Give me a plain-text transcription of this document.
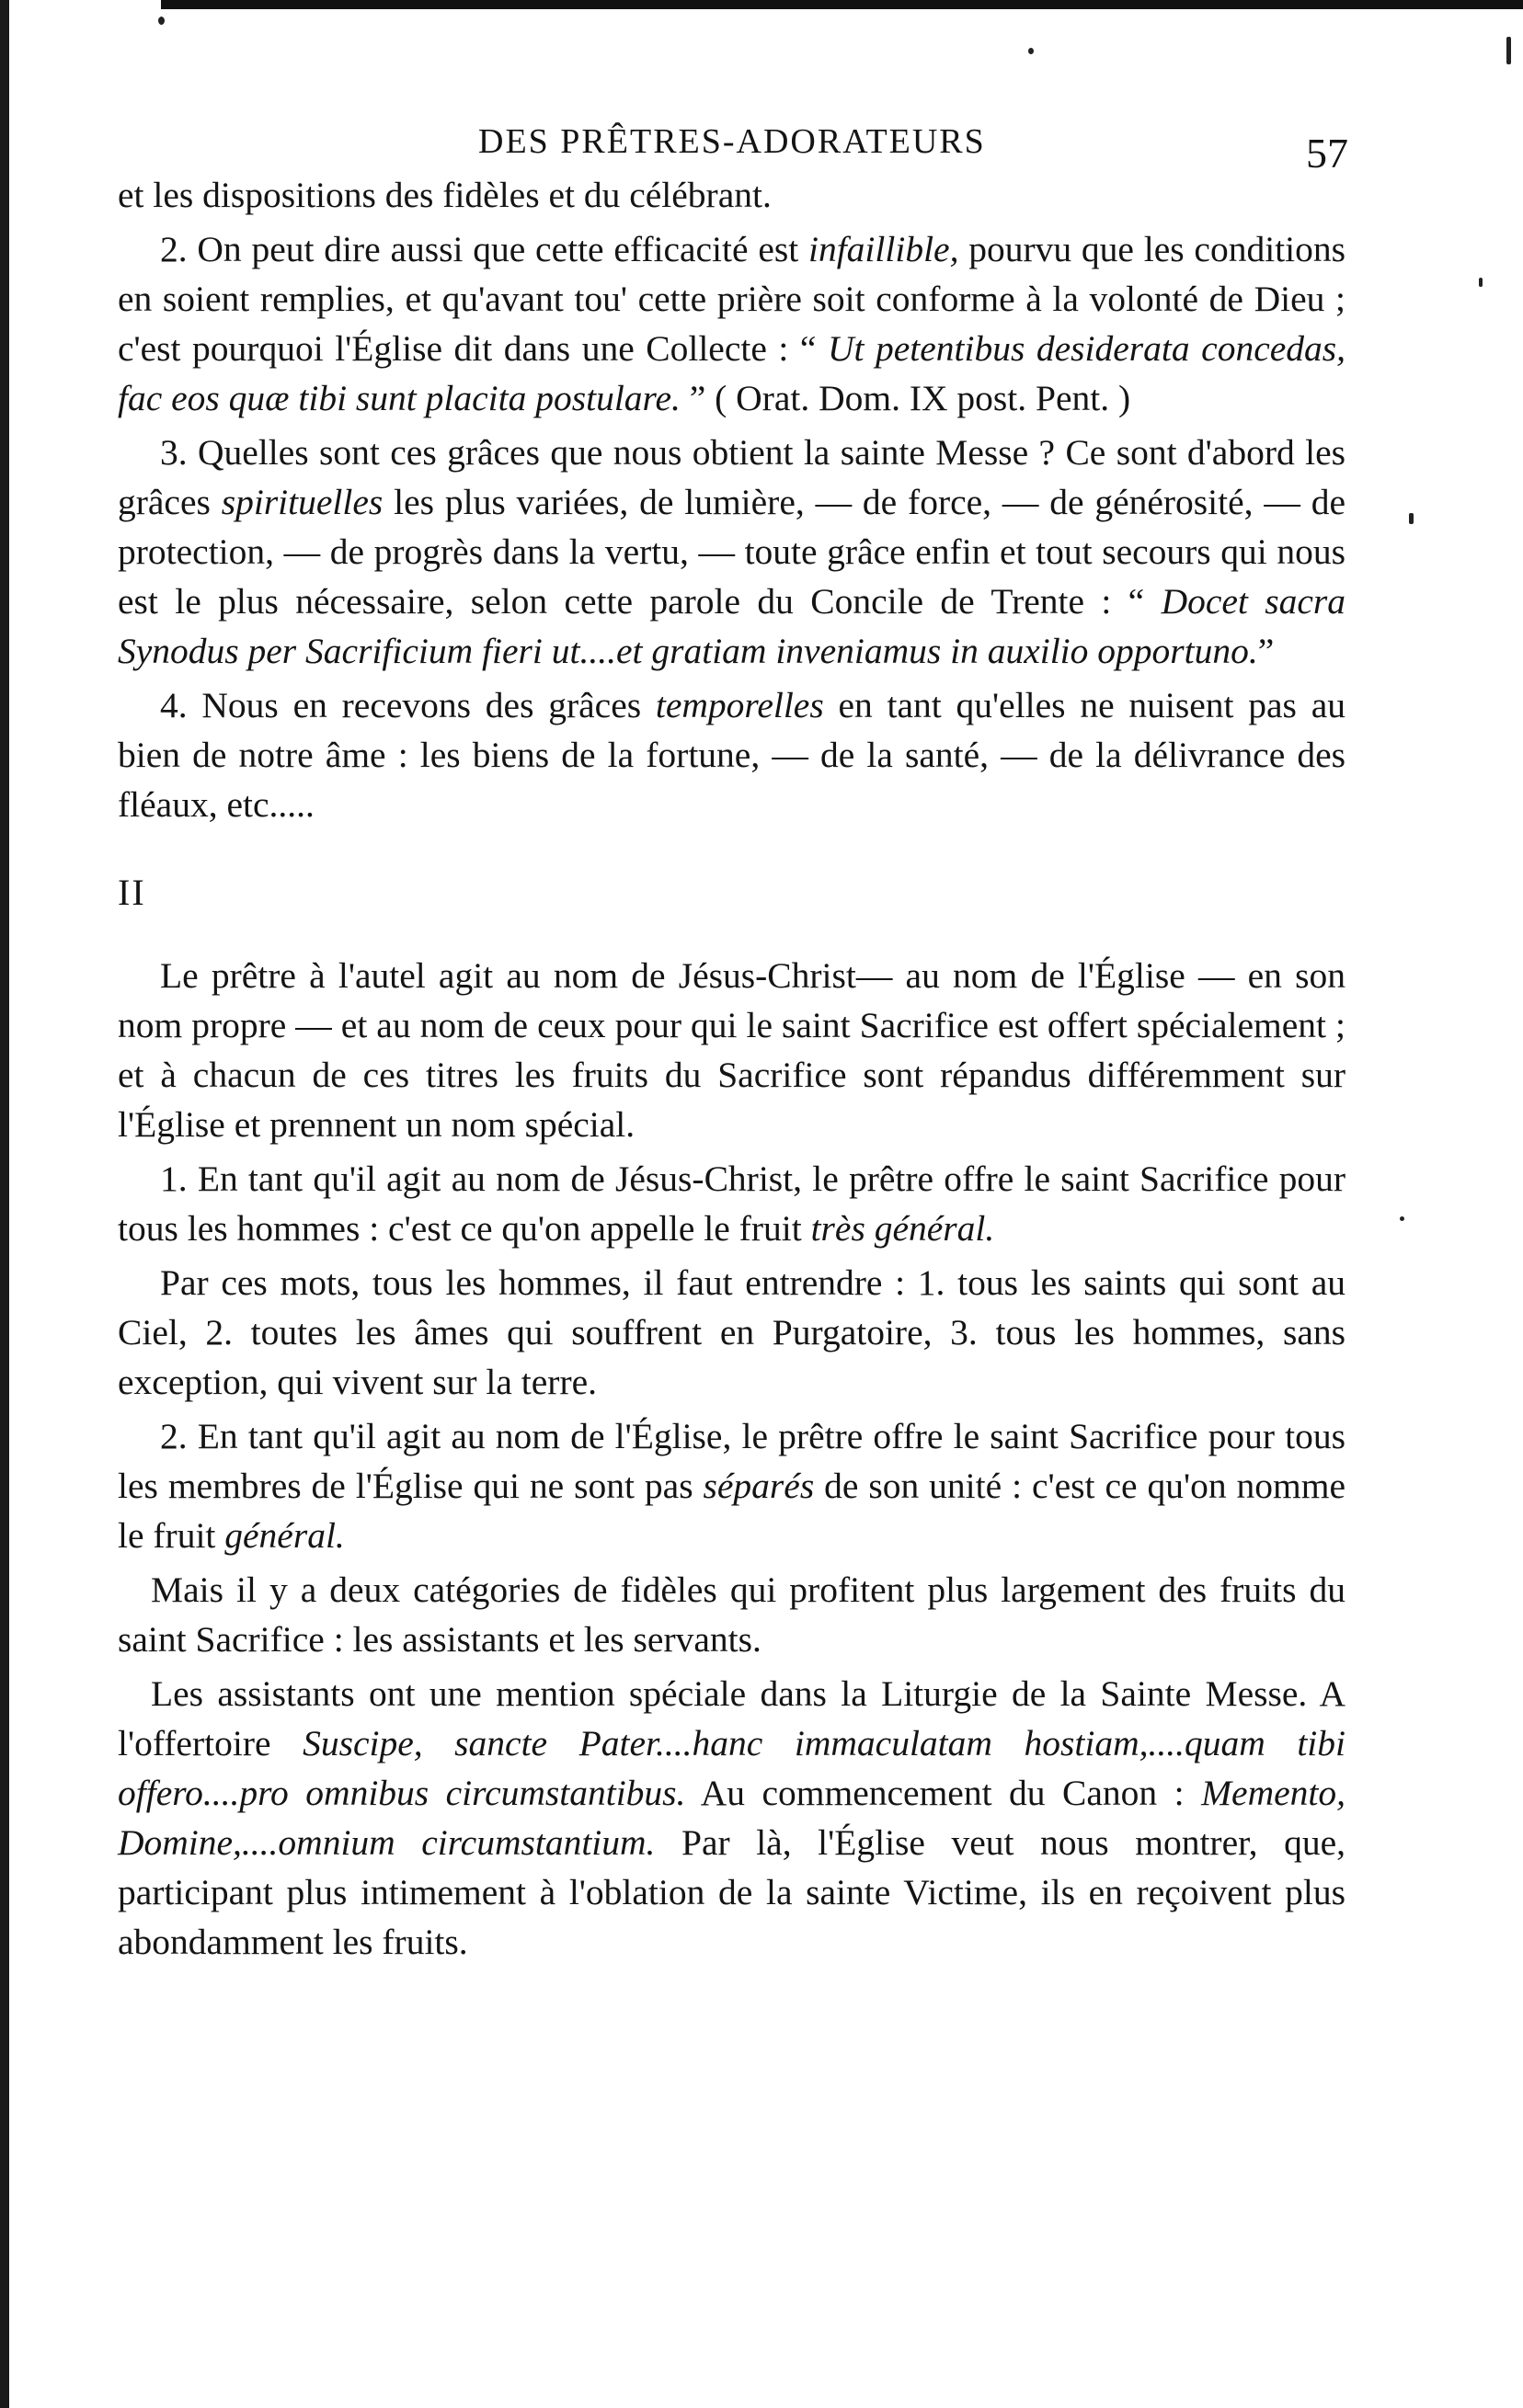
DES PRÊTRES-ADORATEURS	57

et les dispositions des fidèles et du célébrant.

2. On peut dire aussi que cette efficacité est infaillible, pourvu que les conditions en soient remplies, et qu'avant tou' cette prière soit conforme à la volonté de Dieu ; c'est pourquoi l'Église dit dans une Collecte : “ Ut petentibus desiderata concedas, fac eos quæ tibi sunt placita postulare. ” ( Orat. Dom. IX post. Pent. )

3. Quelles sont ces grâces que nous obtient la sainte Messe ? Ce sont d'abord les grâces spirituelles les plus variées, de lumière, — de force, — de générosité, — de protection, — de progrès dans la vertu, — toute grâce enfin et tout secours qui nous est le plus nécessaire, selon cette parole du Concile de Trente : “ Docet sacra Synodus per Sacrificium fieri ut....et gratiam inveniamus in auxilio opportuno.”

4. Nous en recevons des grâces temporelles en tant qu'elles ne nuisent pas au bien de notre âme : les biens de la fortune, — de la santé, — de la délivrance des fléaux, etc.....

II

Le prêtre à l'autel agit au nom de Jésus-Christ— au nom de l'Église — en son nom propre — et au nom de ceux pour qui le saint Sacrifice est offert spécialement ; et à chacun de ces titres les fruits du Sacrifice sont répandus différemment sur l'Église et prennent un nom spécial.

1. En tant qu'il agit au nom de Jésus-Christ, le prêtre offre le saint Sacrifice pour tous les hommes : c'est ce qu'on appelle le fruit très général.

Par ces mots, tous les hommes, il faut entrendre : 1. tous les saints qui sont au Ciel, 2. toutes les âmes qui souffrent en Purgatoire, 3. tous les hommes, sans exception, qui vivent sur la terre.

2. En tant qu'il agit au nom de l'Église, le prêtre offre le saint Sacrifice pour tous les membres de l'Église qui ne sont pas séparés de son unité : c'est ce qu'on nomme le fruit général.

Mais il y a deux catégories de fidèles qui profitent plus largement des fruits du saint Sacrifice : les assistants et les servants.

Les assistants ont une mention spéciale dans la Liturgie de la Sainte Messe. A l'offertoire Suscipe, sancte Pater....hanc immaculatam hostiam,....quam tibi offero....pro omnibus circumstantibus. Au commencement du Canon : Memento, Domine,....omnium circumstantium. Par là, l'Église veut nous montrer, que, participant plus intimement à l'oblation de la sainte Victime, ils en reçoivent plus abondamment les fruits.
